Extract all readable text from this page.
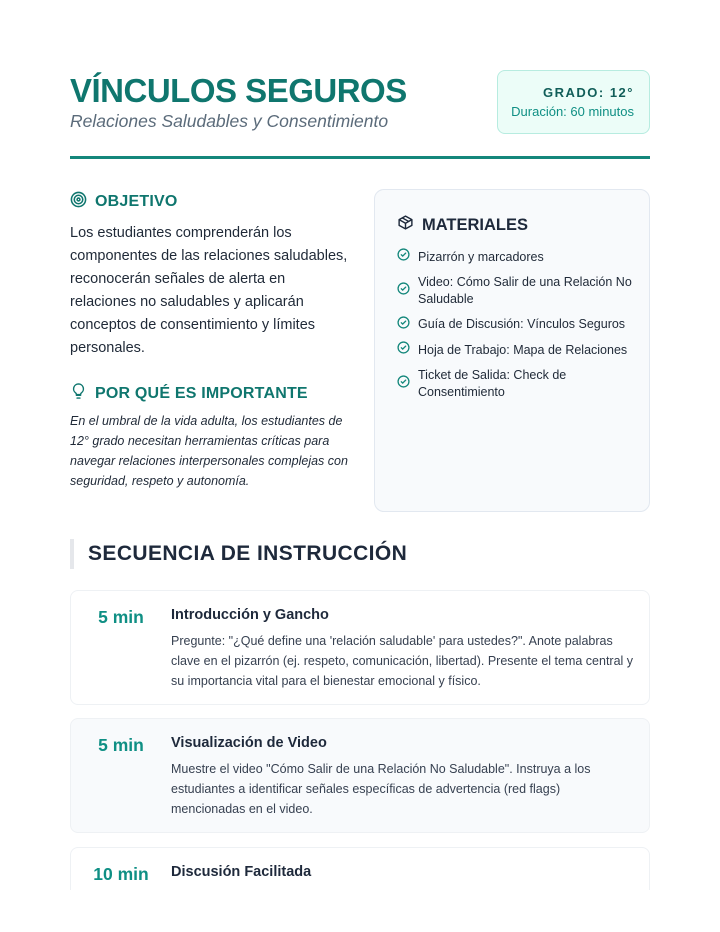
VÍNCULOS SEGUROS
Relaciones Saludables y Consentimiento
GRADO: 12°
Duración: 60 minutos
OBJETIVO
Los estudiantes comprenderán los componentes de las relaciones saludables, reconocerán señales de alerta en relaciones no saludables y aplicarán conceptos de consentimiento y límites personales.
POR QUÉ ES IMPORTANTE
En el umbral de la vida adulta, los estudiantes de 12° grado necesitan herramientas críticas para navegar relaciones interpersonales complejas con seguridad, respeto y autonomía.
MATERIALES
Pizarrón y marcadores
Video: Cómo Salir de una Relación No Saludable
Guía de Discusión: Vínculos Seguros
Hoja de Trabajo: Mapa de Relaciones
Ticket de Salida: Check de Consentimiento
SECUENCIA DE INSTRUCCIÓN
5 min	Introducción y Gancho
Pregunte: "¿Qué define una 'relación saludable' para ustedes?". Anote palabras clave en el pizarrón (ej. respeto, comunicación, libertad). Presente el tema central y su importancia vital para el bienestar emocional y físico.
5 min	Visualización de Video
Muestre el video "Cómo Salir de una Relación No Saludable". Instruya a los estudiantes a identificar señales específicas de advertencia (red flags) mencionadas en el video.
10 min	Discusión Facilitada
